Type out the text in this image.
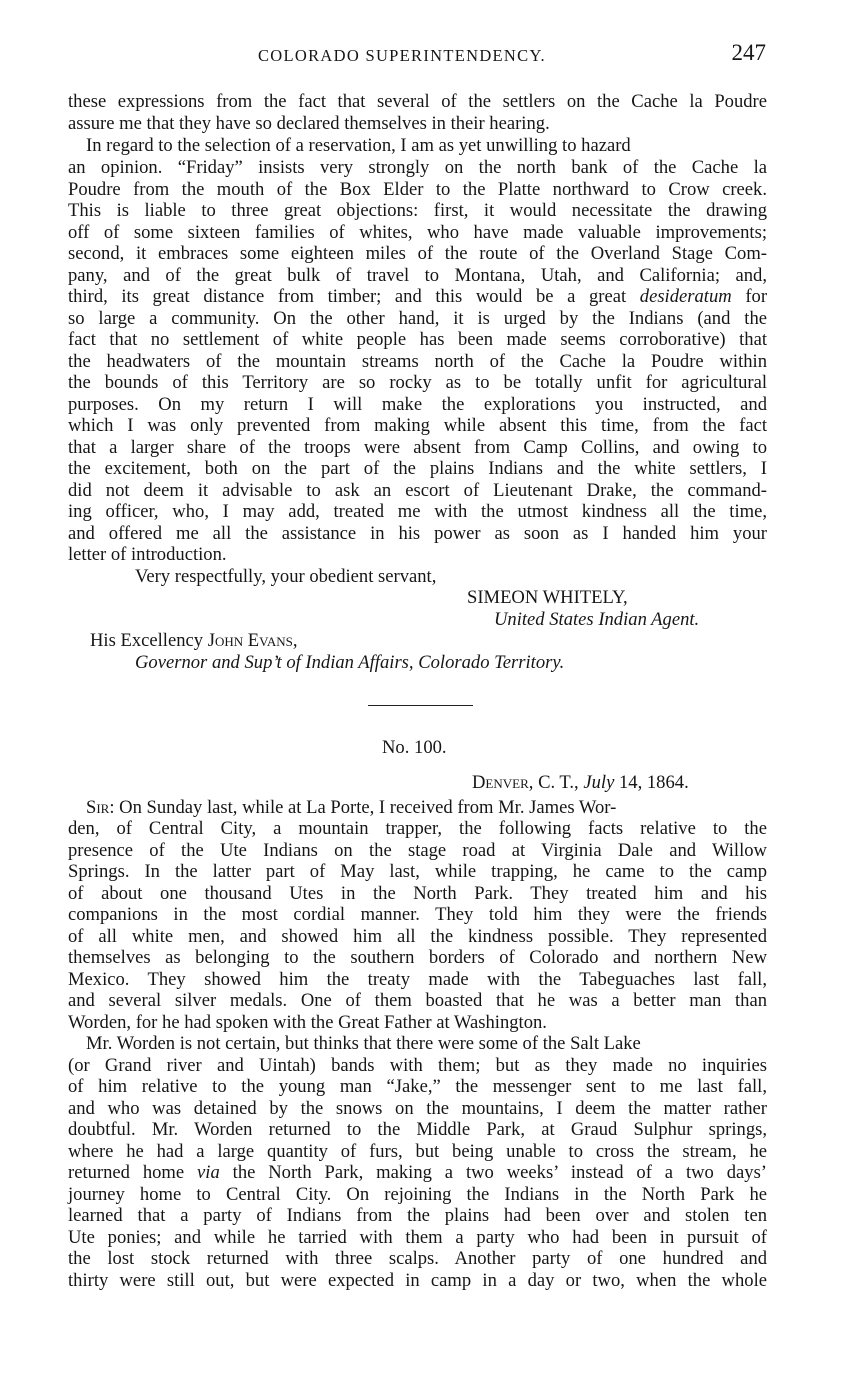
COLORADO SUPERINTENDENCY.	247
these expressions from the fact that several of the settlers on the Cache la Poudre
assure me that they have so declared themselves in their hearing.
In regard to the selection of a reservation, I am as yet unwilling to hazard
an opinion. “Friday” insists very strongly on the north bank of the Cache la
Poudre from the mouth of the Box Elder to the Platte northward to Crow creek.
This is liable to three great objections: first, it would necessitate the drawing
off of some sixteen families of whites, who have made valuable improvements;
second, it embraces some eighteen miles of the route of the Overland Stage Com-
pany, and of the great bulk of travel to Montana, Utah, and California; and,
third, its great distance from timber; and this would be a great desideratum for
so large a community. On the other hand, it is urged by the Indians (and the
fact that no settlement of white people has been made seems corroborative) that
the headwaters of the mountain streams north of the Cache la Poudre within
the bounds of this Territory are so rocky as to be totally unfit for agricultural
purposes. On my return I will make the explorations you instructed, and
which I was only prevented from making while absent this time, from the fact
that a larger share of the troops were absent from Camp Collins, and owing to
the excitement, both on the part of the plains Indians and the white settlers, I
did not deem it advisable to ask an escort of Lieutenant Drake, the command-
ing officer, who, I may add, treated me with the utmost kindness all the time,
and offered me all the assistance in his power as soon as I handed him your
letter of introduction.
Very respectfully, your obedient servant,
SIMEON WHITELY,
United States Indian Agent.
His Excellency John Evans,
Governor and Sup’t of Indian Affairs, Colorado Territory.
No. 100.
Denver, C. T., July 14, 1864.
Sir: On Sunday last, while at La Porte, I received from Mr. James Wor-
den, of Central City, a mountain trapper, the following facts relative to the
presence of the Ute Indians on the stage road at Virginia Dale and Willow
Springs. In the latter part of May last, while trapping, he came to the camp
of about one thousand Utes in the North Park. They treated him and his
companions in the most cordial manner. They told him they were the friends
of all white men, and showed him all the kindness possible. They represented
themselves as belonging to the southern borders of Colorado and northern New
Mexico. They showed him the treaty made with the Tabeguaches last fall,
and several silver medals. One of them boasted that he was a better man than
Worden, for he had spoken with the Great Father at Washington.
Mr. Worden is not certain, but thinks that there were some of the Salt Lake
(or Grand river and Uintah) bands with them; but as they made no inquiries
of him relative to the young man “Jake,” the messenger sent to me last fall,
and who was detained by the snows on the mountains, I deem the matter rather
doubtful. Mr. Worden returned to the Middle Park, at Graud Sulphur springs,
where he had a large quantity of furs, but being unable to cross the stream, he
returned home via the North Park, making a two weeks’ instead of a two days’
journey home to Central City. On rejoining the Indians in the North Park he
learned that a party of Indians from the plains had been over and stolen ten
Ute ponies; and while he tarried with them a party who had been in pursuit of
the lost stock returned with three scalps. Another party of one hundred and
thirty were still out, but were expected in camp in a day or two, when the whole
